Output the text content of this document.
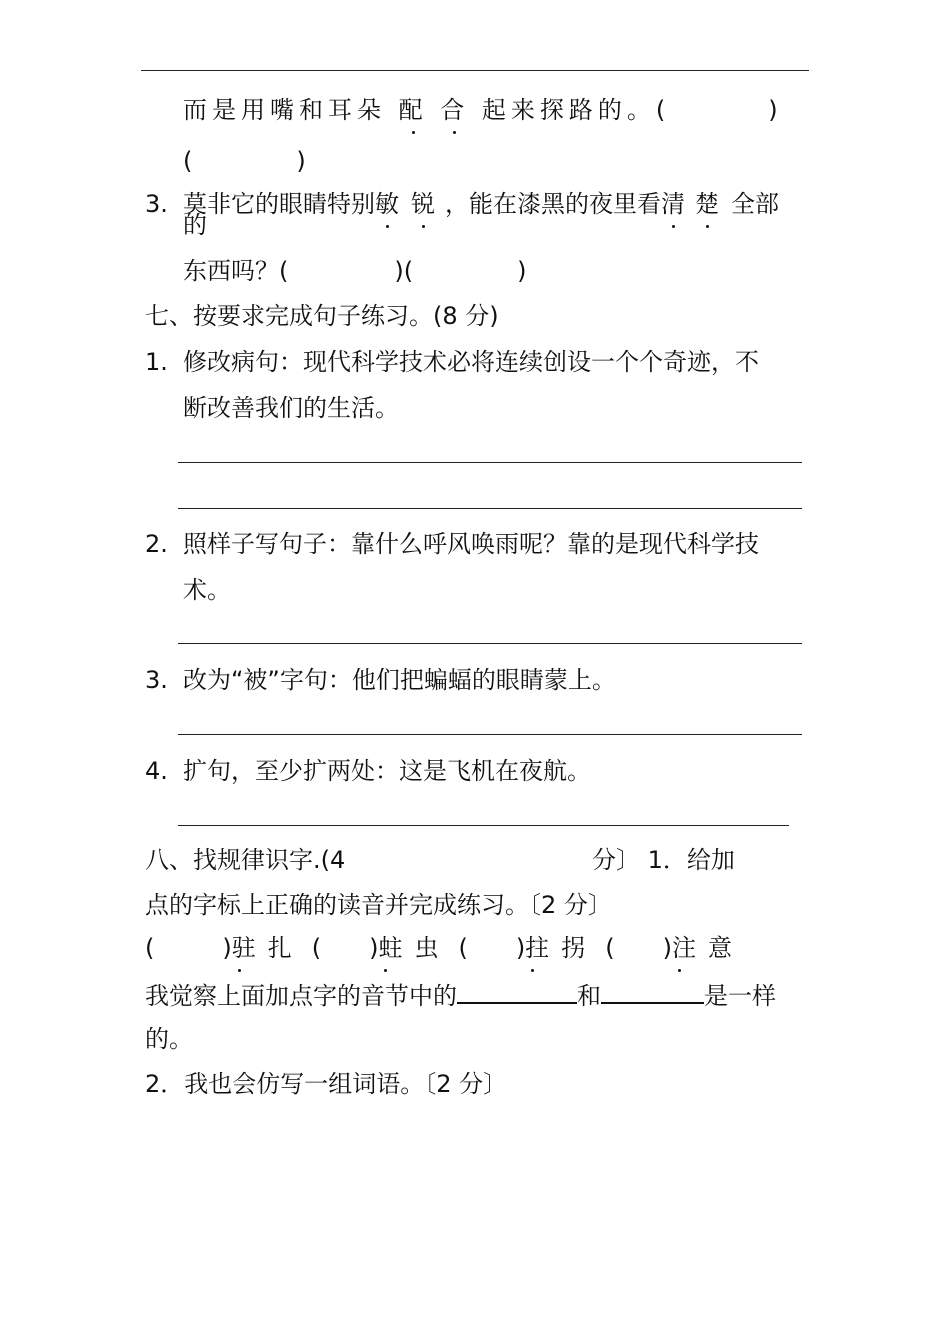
而是用嘴和耳朵 配 合 起来探路的。(	)
(	)
3. 莫非它的眼睛特别敏 锐 ，能在漆黑的夜里看清 楚 全部
的
东西吗？(	)(	)
七、按要求完成句子练习。(8 分)
1. 修改病句：现代科学技术必将连续创设一个个奇迹，不
断改善我们的生活。
2. 照样子写句子：靠什么呼风唤雨呢？靠的是现代科学技
术。
3. 改为“被”字句：他们把蝙蝠的眼睛蒙上。
4. 扩句，至少扩两处：这是飞机在夜航。
八、找规律识字.(4	分〕 1．给加
点的字标上正确的读音并完成练习。〔2 分〕
(	)驻 扎 ( )蛀 虫 ( )拄 拐 ( )注 意
我觉察上面加点字的音节中的	和	是一样
的。
2．我也会仿写一组词语。〔2 分〕
